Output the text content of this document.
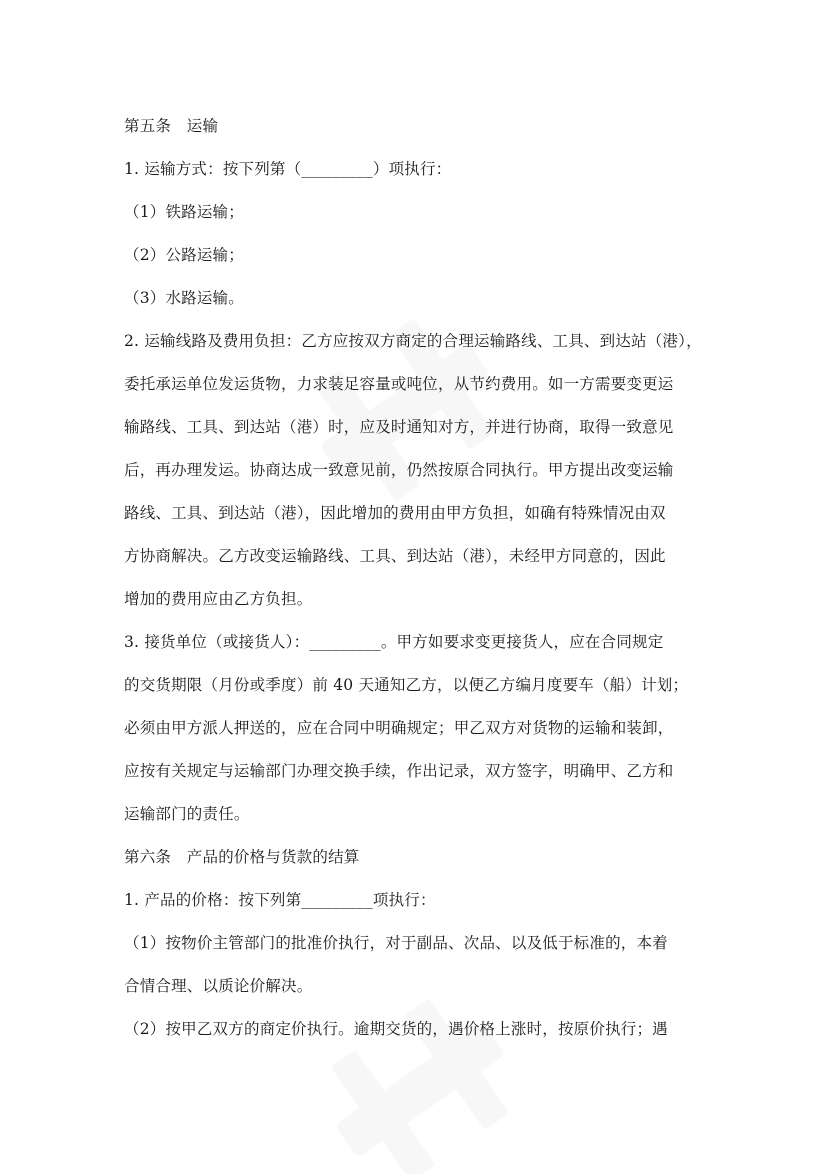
第五条　运输
1. 运输方式：按下列第（_________）项执行：
（1）铁路运输；
（2）公路运输；
（3）水路运输。
2. 运输线路及费用负担：乙方应按双方商定的合理运输路线、工具、到达站（港），
委托承运单位发运货物，力求装足容量或吨位，从节约费用。如一方需要变更运
输路线、工具、到达站（港）时，应及时通知对方，并进行协商，取得一致意见
后，再办理发运。协商达成一致意见前，仍然按原合同执行。甲方提出改变运输
路线、工具、到达站（港），因此增加的费用由甲方负担，如确有特殊情况由双
方协商解决。乙方改变运输路线、工具、到达站（港），未经甲方同意的，因此
增加的费用应由乙方负担。
3. 接货单位（或接货人）：_________。甲方如要求变更接货人，应在合同规定
的交货期限（月份或季度）前 40 天通知乙方，以便乙方编月度要车（船）计划；
必须由甲方派人押送的，应在合同中明确规定；甲乙双方对货物的运输和装卸，
应按有关规定与运输部门办理交换手续，作出记录，双方签字，明确甲、乙方和
运输部门的责任。
第六条　产品的价格与货款的结算
1. 产品的价格：按下列第_________项执行：
（1）按物价主管部门的批准价执行，对于副品、次品、以及低于标准的，本着
合情合理、以质论价解决。
（2）按甲乙双方的商定价执行。逾期交货的，遇价格上涨时，按原价执行；遇
